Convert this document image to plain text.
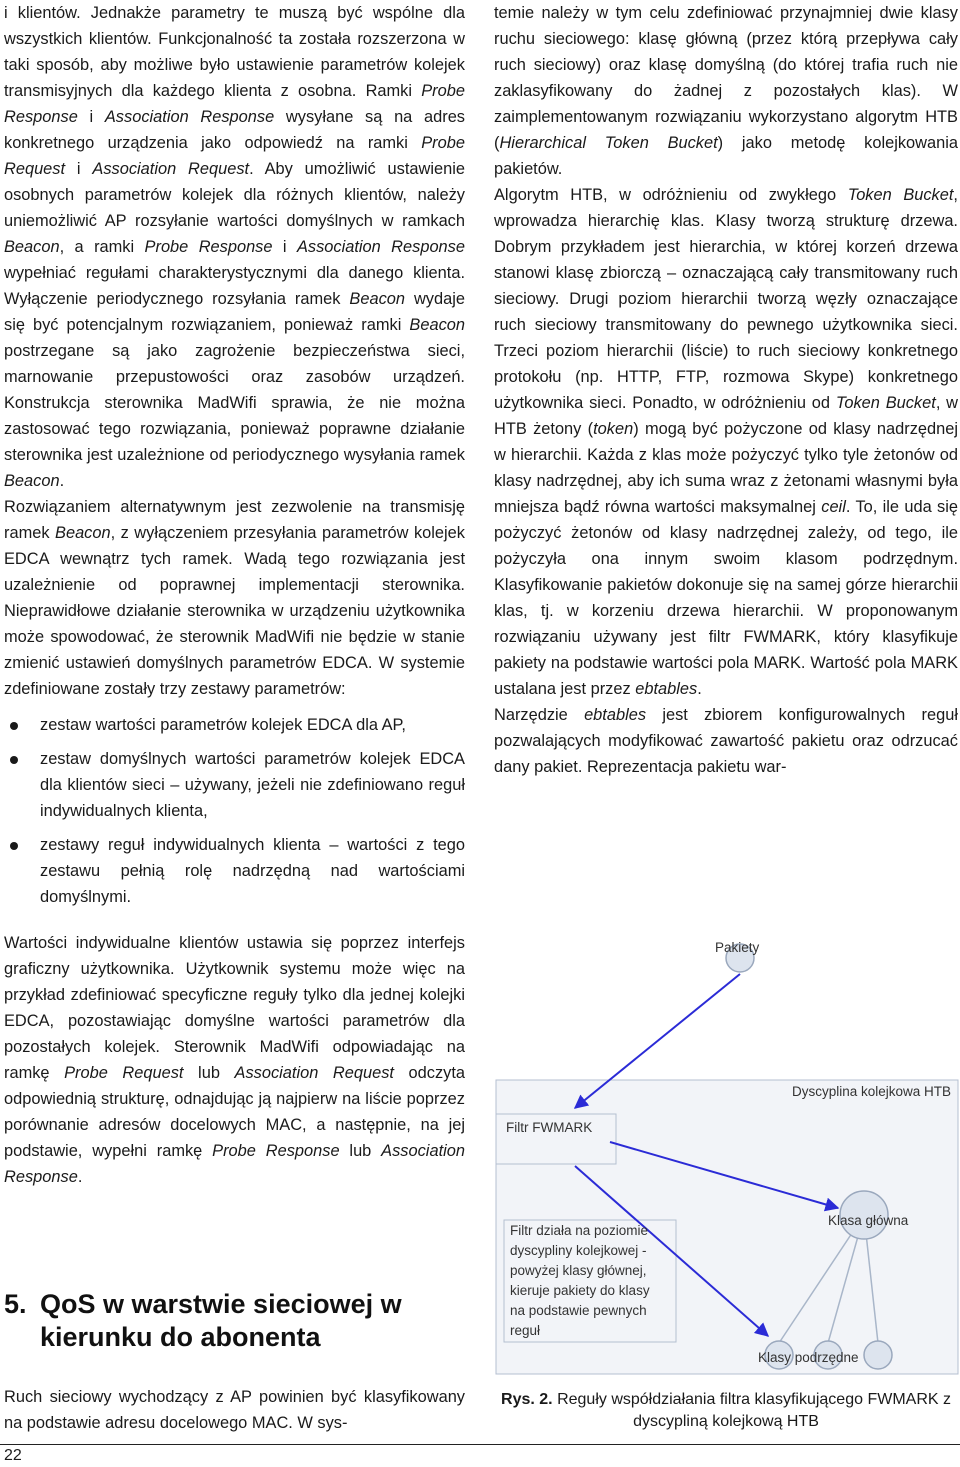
i klientów. Jednakże parametry te muszą być wspólne dla wszystkich klientów. Funkcjonalność ta została rozszerzona w taki sposób, aby możliwe było ustawienie parametrów kolejek transmisyjnych dla każdego klienta z osobna. Ramki Probe Response i Association Response wysyłane są na adres konkretnego urządzenia jako odpowiedź na ramki Probe Request i Association Request. Aby umożliwić ustawienie osobnych parametrów kolejek dla różnych klientów, należy uniemożliwić AP rozsyłanie wartości domyślnych w ramkach Beacon, a ramki Probe Response i Association Response wypełniać regułami charakterystycznymi dla danego klienta. Wyłączenie periodycznego rozsyłania ramek Beacon wydaje się być potencjalnym rozwiązaniem, ponieważ ramki Beacon postrzegane są jako zagrożenie bezpieczeństwa sieci, marnowanie przepustowości oraz zasobów urządzeń. Konstrukcja sterownika MadWifi sprawia, że nie można zastosować tego rozwiązania, ponieważ poprawne działanie sterownika jest uzależnione od periodycznego wysyłania ramek Beacon.

Rozwiązaniem alternatywnym jest zezwolenie na transmisję ramek Beacon, z wyłączeniem przesyłania parametrów kolejek EDCA wewnątrz tych ramek. Wadą tego rozwiązania jest uzależnienie od poprawnej implementacji sterownika. Nieprawidłowe działanie sterownika w urządzeniu użytkownika może spowodować, że sterownik MadWifi nie będzie w stanie zmienić ustawień domyślnych parametrów EDCA. W systemie zdefiniowane zostały trzy zestawy parametrów:

zestaw wartości parametrów kolejek EDCA dla AP,
zestaw domyślnych wartości parametrów kolejek EDCA dla klientów sieci – używany, jeżeli nie zdefiniowano reguł indywidualnych klienta,
zestawy reguł indywidualnych klienta – wartości z tego zestawu pełnią rolę nadrzędną nad wartościami domyślnymi.

Wartości indywidualne klientów ustawia się poprzez interfejs graficzny użytkownika. Użytkownik systemu może więc na przykład zdefiniować specyficzne reguły tylko dla jednej kolejki EDCA, pozostawiając domyślne wartości parametrów dla pozostałych kolejek. Sterownik MadWifi odpowiadając na ramkę Probe Request lub Association Request odczyta odpowiednią strukturę, odnajdując ją najpierw na liście poprzez porównanie adresów docelowych MAC, a następnie, na jej podstawie, wypełni ramkę Probe Response lub Association Response.

5. QoS w warstwie sieciowej w kierunku do abonenta
Ruch sieciowy wychodzący z AP powinien być klasyfikowany na podstawie adresu docelowego MAC. W sys-

temie należy w tym celu zdefiniować przynajmniej dwie klasy ruchu sieciowego: klasę główną (przez którą przepływa cały ruch sieciowy) oraz klasę domyślną (do której trafia ruch nie zaklasyfikowany do żadnej z pozostałych klas). W zaimplementowanym rozwiązaniu wykorzystano algorytm HTB (Hierarchical Token Bucket) jako metodę kolejkowania pakietów.

Algorytm HTB, w odróżnieniu od zwykłego Token Bucket, wprowadza hierarchię klas. Klasy tworzą strukturę drzewa. Dobrym przykładem jest hierarchia, w której korzeń drzewa stanowi klasę zbiorczą – oznaczającą cały transmitowany ruch sieciowy. Drugi poziom hierarchii tworzą węzły oznaczające ruch sieciowy transmitowany do pewnego użytkownika sieci. Trzeci poziom hierarchii (liście) to ruch sieciowy konkretnego protokołu (np. HTTP, FTP, rozmowa Skype) konkretnego użytkownika sieci. Ponadto, w odróżnieniu od Token Bucket, w HTB żetony (token) mogą być pożyczone od klasy nadrzędnej w hierarchii. Każda z klas może pożyczyć tylko tyle żetonów od klasy nadrzędnej, aby ich suma wraz z żetonami własnymi była mniejsza bądź równa wartości maksymalnej ceil. To, ile uda się pożyczyć żetonów od klasy nadrzędnej zależy, od tego, ile pożyczyła ona innym swoim klasom podrzędnym. Klasyfikowanie pakietów dokonuje się na samej górze hierarchii klas, tj. w korzeniu drzewa hierarchii. W proponowanym rozwiązaniu używany jest filtr FWMARK, który klasyfikuje pakiety na podstawie wartości pola MARK. Wartość pola MARK ustalana jest przez ebtables.

Narzędzie ebtables jest zbiorem konfigurowalnych reguł pozwalających modyfikować zawartość pakietu oraz odrzucać dany pakiet. Reprezentacja pakietu war-

Pakiety
Dyscyplina kolejkowa HTB
Filtr FWMARK
Klasa główna
Klasy podrzędne
Filtr działa na poziomie
dyscypliny kolejkowej -
powyżej klasy głównej,
kieruje pakiety do klasy
na podstawie pewnych
reguł
Rys. 2. Reguły współdziałania filtra klasyfikującego FWMARK z dyscypliną kolejkową HTB
22
